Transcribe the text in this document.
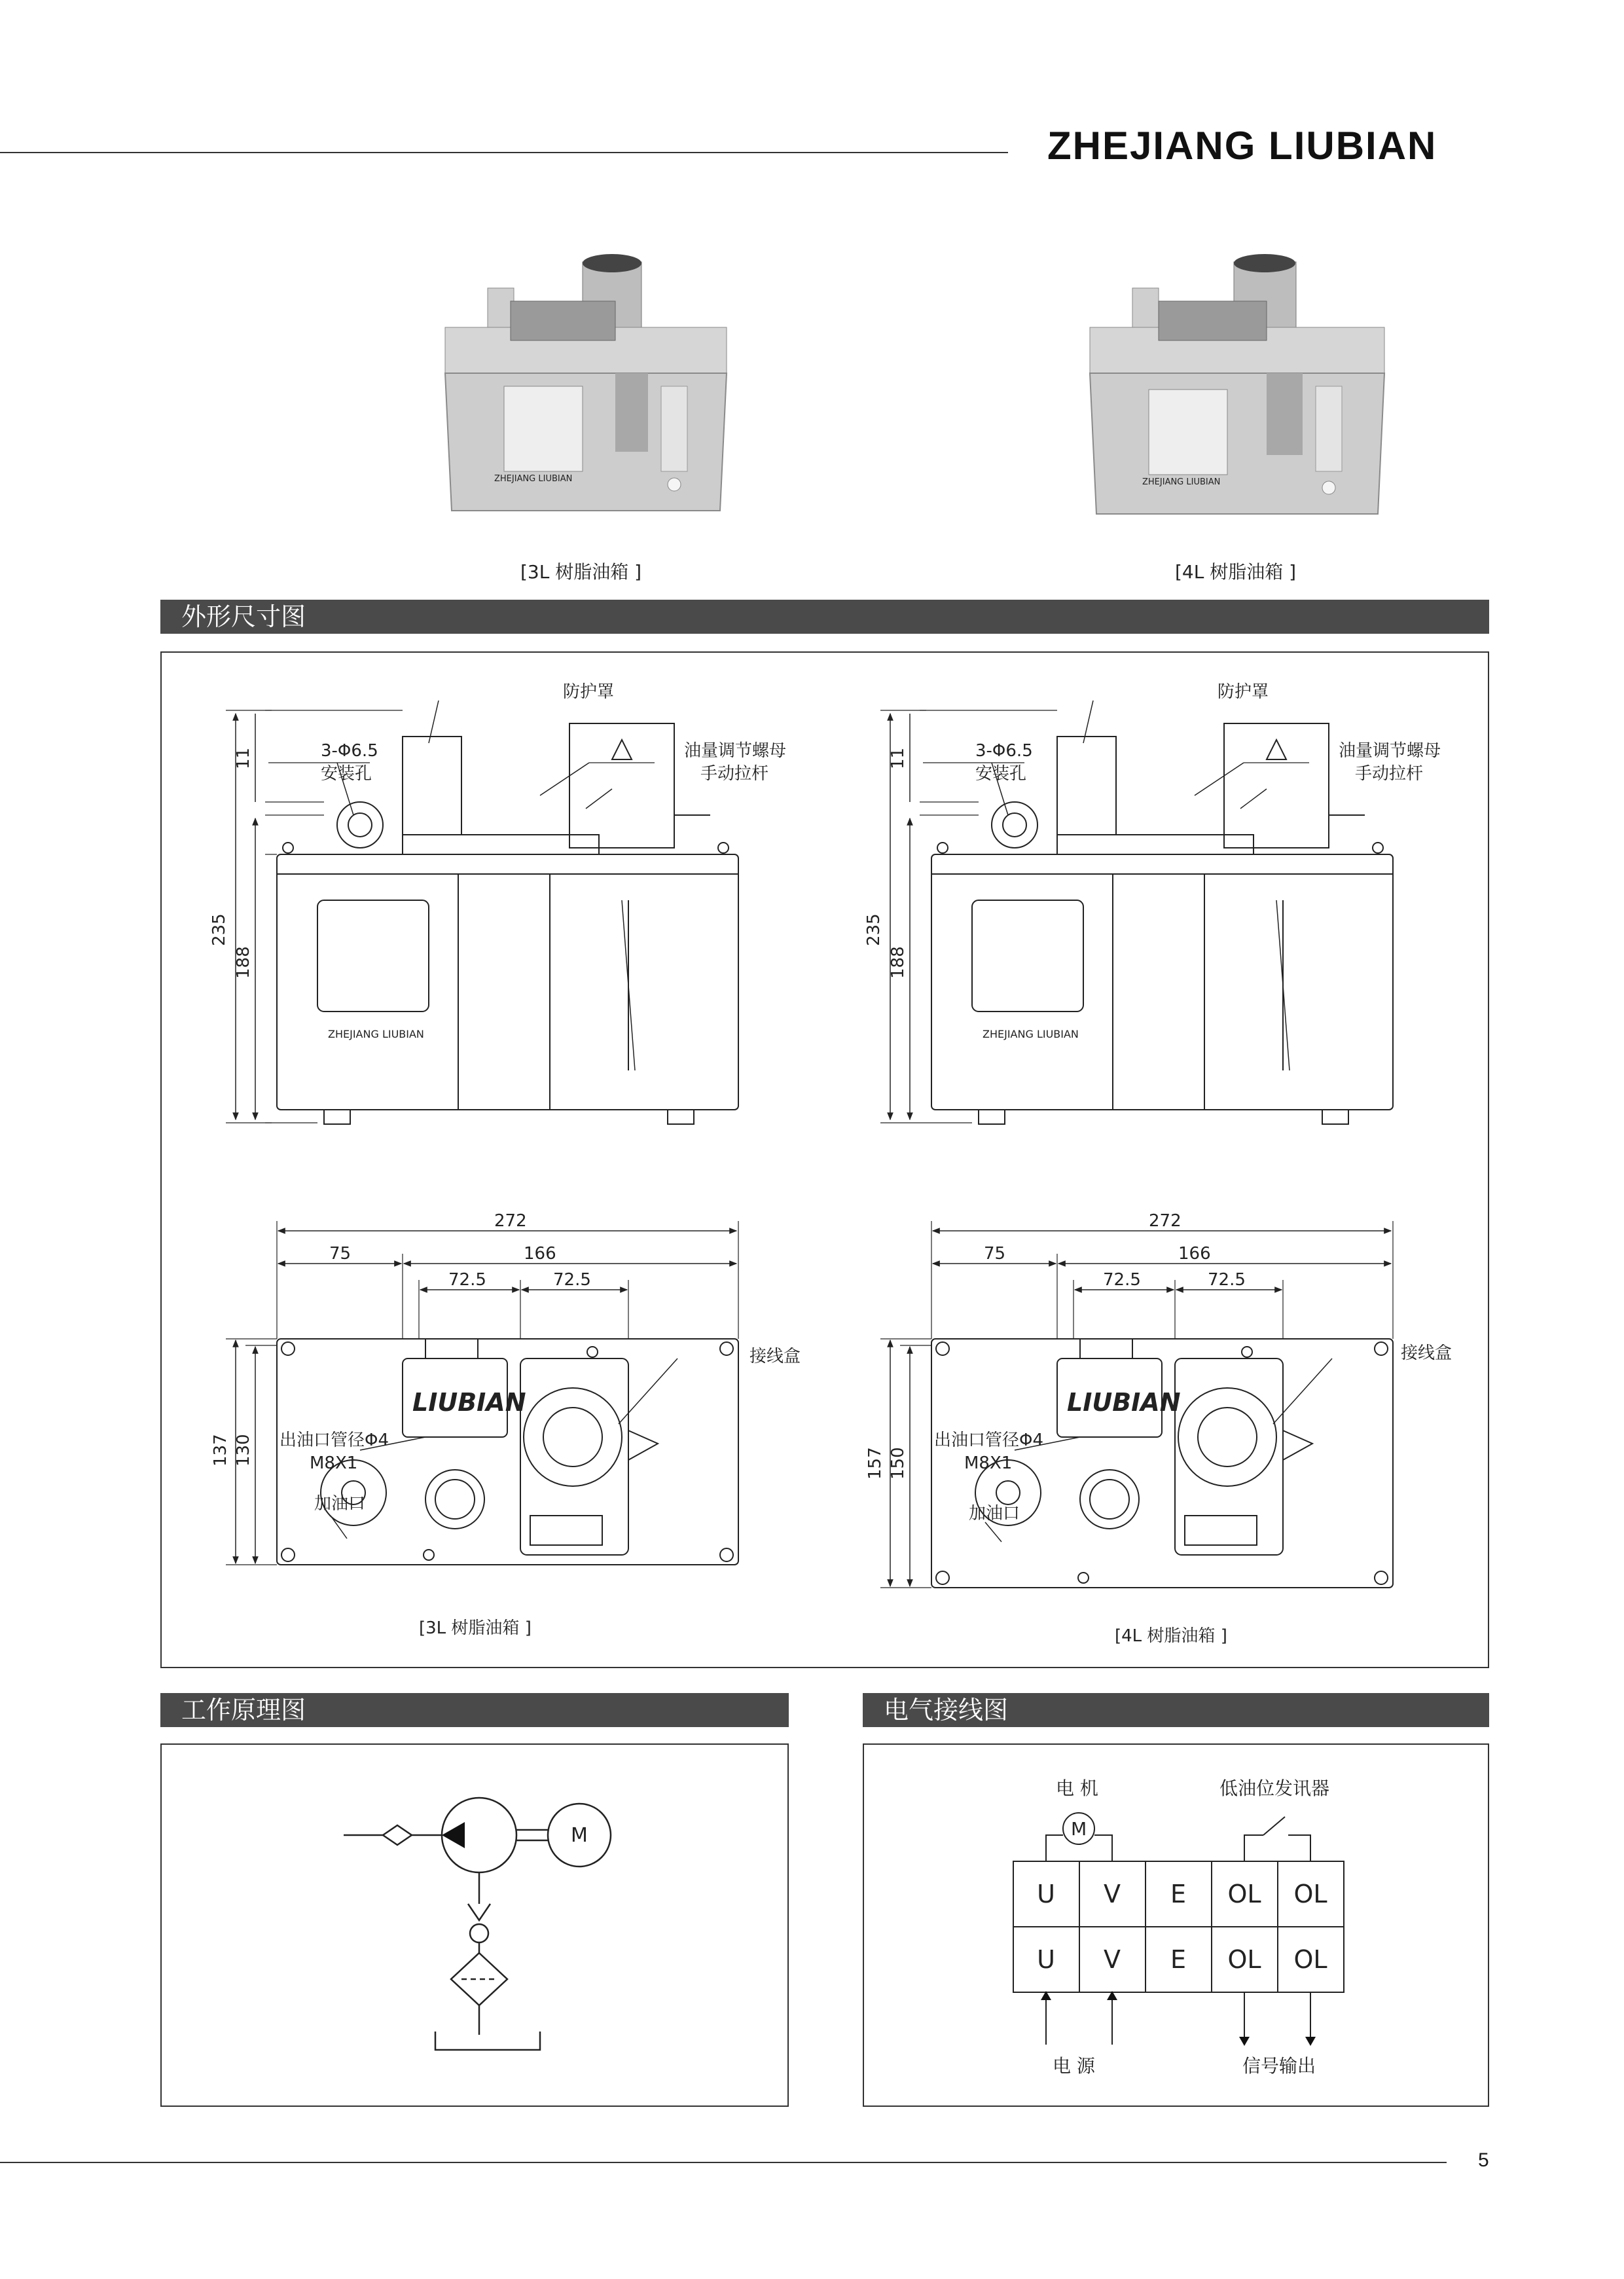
ZHEJIANG LIUBIAN
ZHEJIANG LIUBIAN
[3L 树脂油箱 ]
ZHEJIANG LIUBIAN
[4L 树脂油箱 ]
外形尺寸图
防护罩
3-Φ6.5
安装孔
油量调节螺母
手动拉杆
ZHEJIANG LIUBIAN
235
188
11
272
75	166
72.5	72.5
137 130
LIUBIAN
接线盒
出油口管径Φ4
M8X1
加油口
[3L 树脂油箱 ]
防护罩
3-Φ6.5
安装孔
油量调节螺母
手动拉杆
ZHEJIANG LIUBIAN
235
188
11
272
75	166
72.5	72.5
157 150
LIUBIAN
接线盒
出油口管径Φ4
M8X1
加油口
[4L 树脂油箱 ]
工作原理图
M
电气接线图
电 机
M
低油位发讯器
U V E OL OL
U V E OL OL
电 源	信号输出
5
